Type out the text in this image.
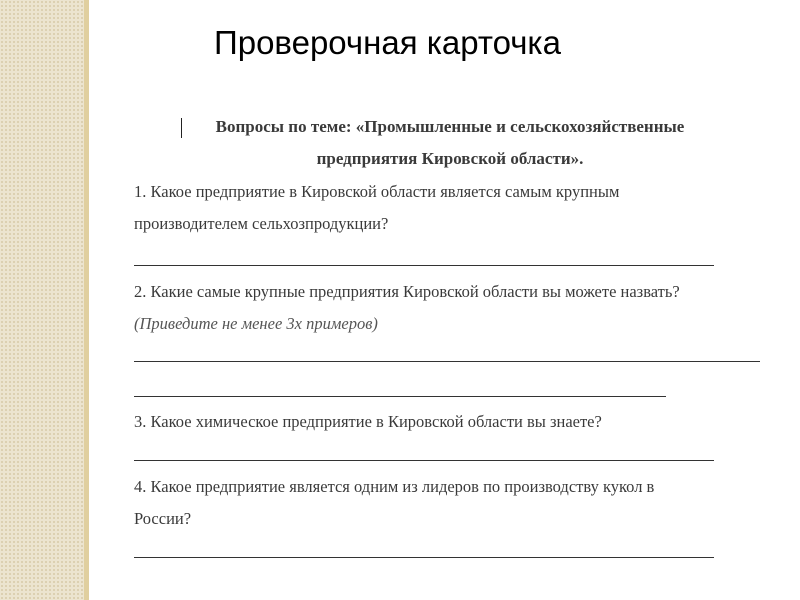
Проверочная карточка
Вопросы по теме: «Промышленные и сельскохозяйственные
предприятия Кировской области».
1. Какое предприятие в Кировской области является самым крупным
производителем сельхозпродукции?
2. Какие самые крупные предприятия Кировской области вы можете назвать?
(Приведите не менее 3х примеров)
3. Какое химическое предприятие в Кировской области вы знаете?
4. Какое предприятие является одним из лидеров по производству кукол в
России?
